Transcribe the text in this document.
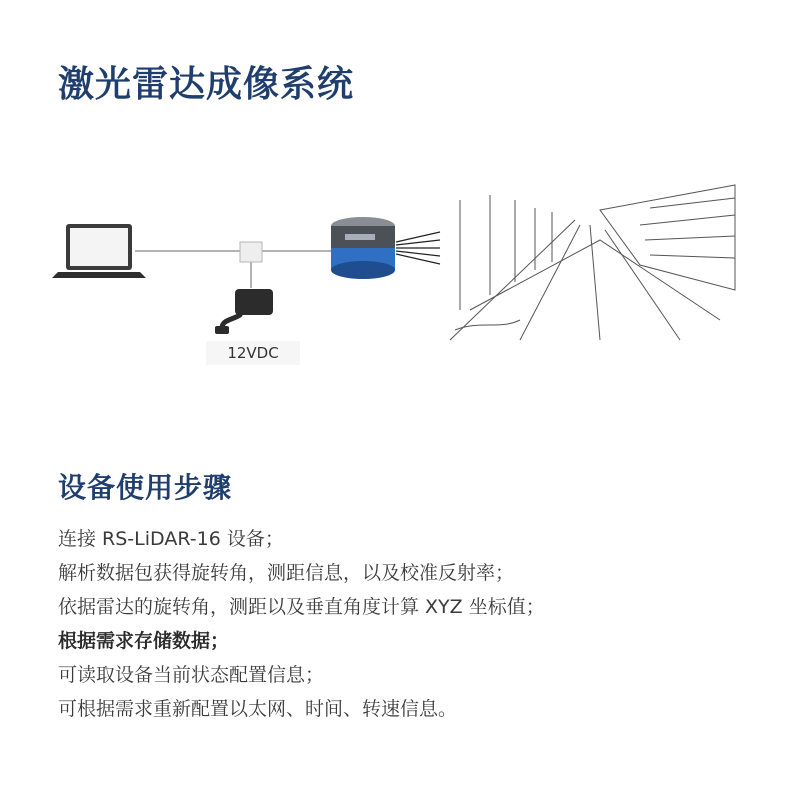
激光雷达成像系统
12VDC
设备使用步骤
连接 RS-LiDAR-16 设备；
解析数据包获得旋转角，测距信息，以及校准反射率；
依据雷达的旋转角，测距以及垂直角度计算 XYZ 坐标值；
根据需求存储数据；
可读取设备当前状态配置信息；
可根据需求重新配置以太网、时间、转速信息。
